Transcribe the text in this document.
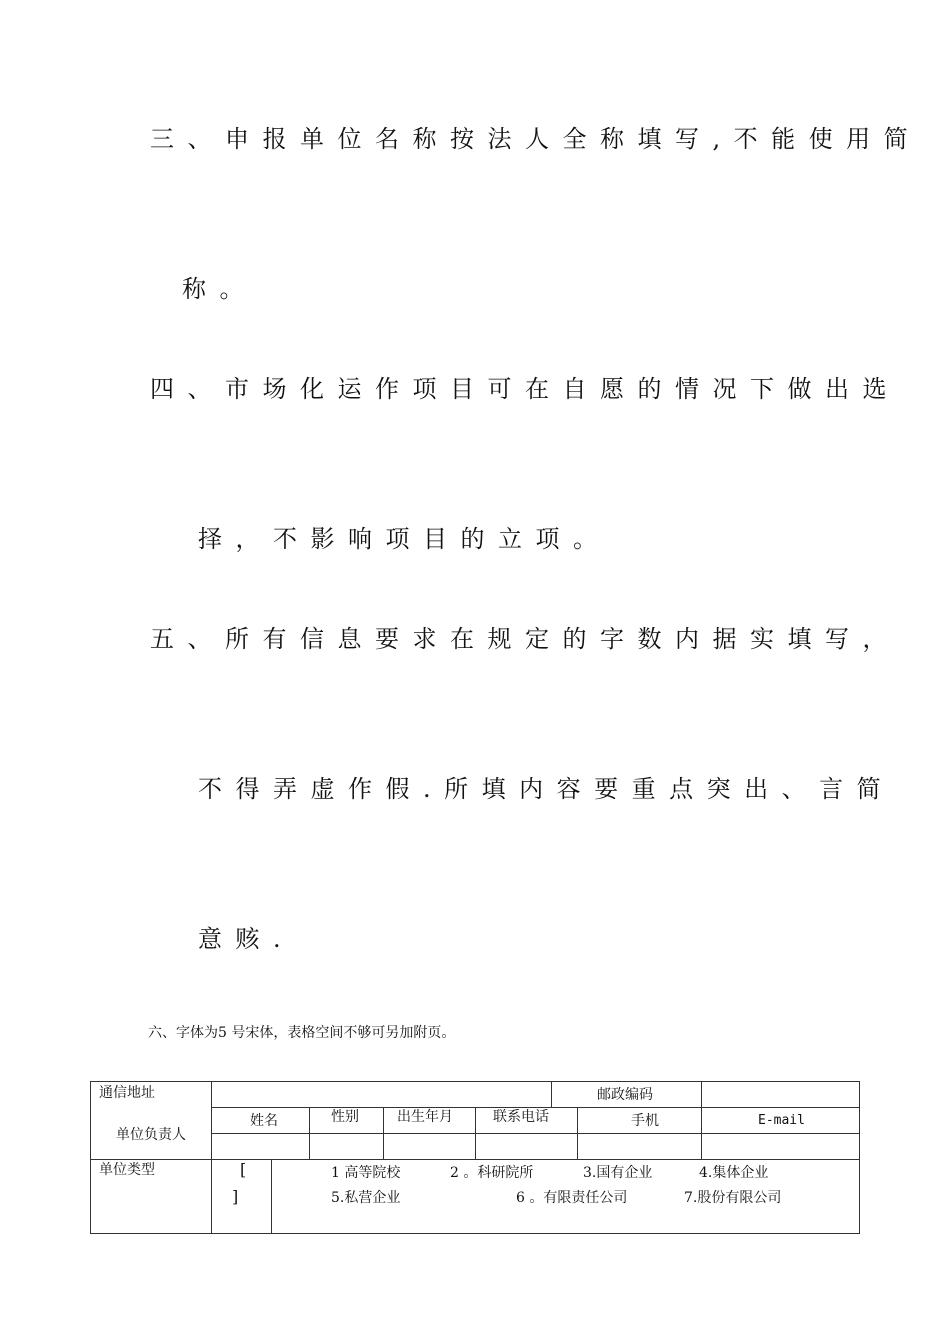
三、申报单位名称按法人全称填写,不能使用简
称。
四、市场化运作项目可在自愿的情况下做出选
择，不影响项目的立项。
五、所有信息要求在规定的字数内据实填写，
不得弄虚作假.所填内容要重点突出、言简
意赅.
六、字体为5 号宋体，表格空间不够可另加附页。
通信地址	邮政编码
单位负责人
姓名	性别	出生年月	联系电话	手机	E-mail
单位类型	[
]
1 高等院校	2 。科研院所	3.国有企业	4.集体企业
5.私营企业	6 。有限责任公司	7.股份有限公司
